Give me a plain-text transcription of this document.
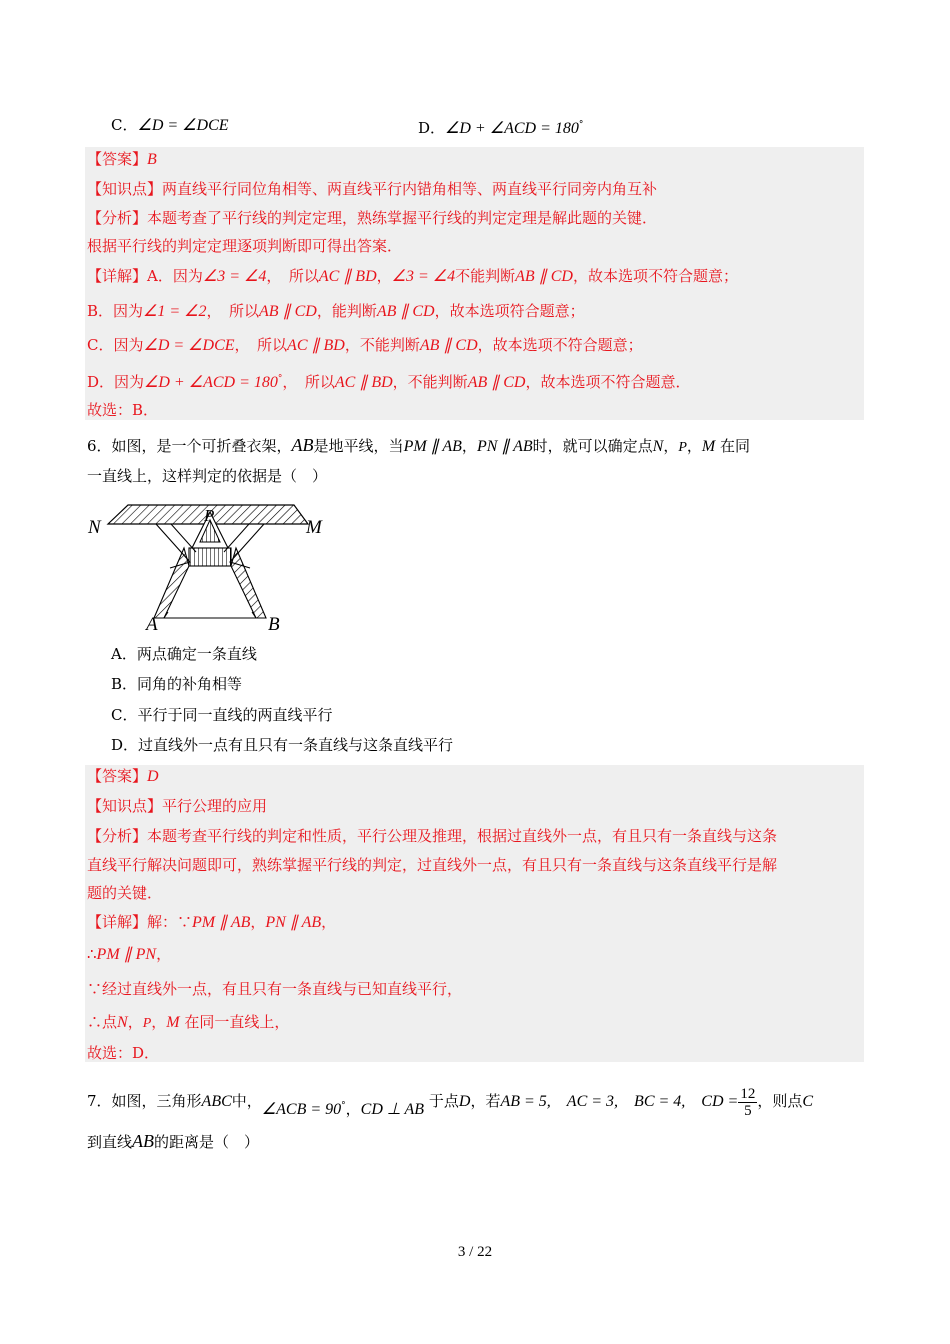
C．∠D = ∠DCE	D．∠D + ∠ACD = 180°
【答案】B
【知识点】两直线平行同位角相等、两直线平行内错角相等、两直线平行同旁内角互补
【分析】本题考查了平行线的判定定理，熟练掌握平行线的判定定理是解此题的关键．
根据平行线的判定定理逐项判断即可得出答案．
【详解】A．因为∠3 = ∠4，　所以AC ∥ BD，∠3 = ∠4不能判断AB ∥ CD，故本选项不符合题意；
B．因为∠1 = ∠2，　所以AB ∥ CD，能判断AB ∥ CD，故本选项符合题意；
C．因为∠D = ∠DCE，　所以AC ∥ BD，不能判断AB ∥ CD，故本选项不符合题意；
D．因为∠D + ∠ACD = 180°，　所以AC ∥ BD，不能判断AB ∥ CD，故本选项不符合题意．
故选：B．
6．如图，是一个可折叠衣架，AB是地平线，当PM ∥ AB，PN ∥ AB时，就可以确定点N，P，M 在同
一直线上，这样判定的依据是（　）
N
P
M
A	B
A．两点确定一条直线
B．同角的补角相等
C．平行于同一直线的两直线平行
D．过直线外一点有且只有一条直线与这条直线平行
【答案】D
【知识点】平行公理的应用
【分析】本题考查平行线的判定和性质，平行公理及推理，根据过直线外一点，有且只有一条直线与这条
直线平行解决问题即可，熟练掌握平行线的判定，过直线外一点，有且只有一条直线与这条直线平行是解
题的关键．
【详解】解：∵PM ∥ AB，PN ∥ AB，
∴PM ∥ PN，
∵经过直线外一点，有且只有一条直线与已知直线平行，
∴点N，P，M 在同一直线上，
故选：D．
7．如图，三角形ABC中，∠ACB = 90°，CD ⊥ AB 于点D，若AB = 5,　AC = 3,　BC = 4,　CD = $\frac{12}{5}$ ，则点C
到直线AB的距离是（　）
3 / 22
